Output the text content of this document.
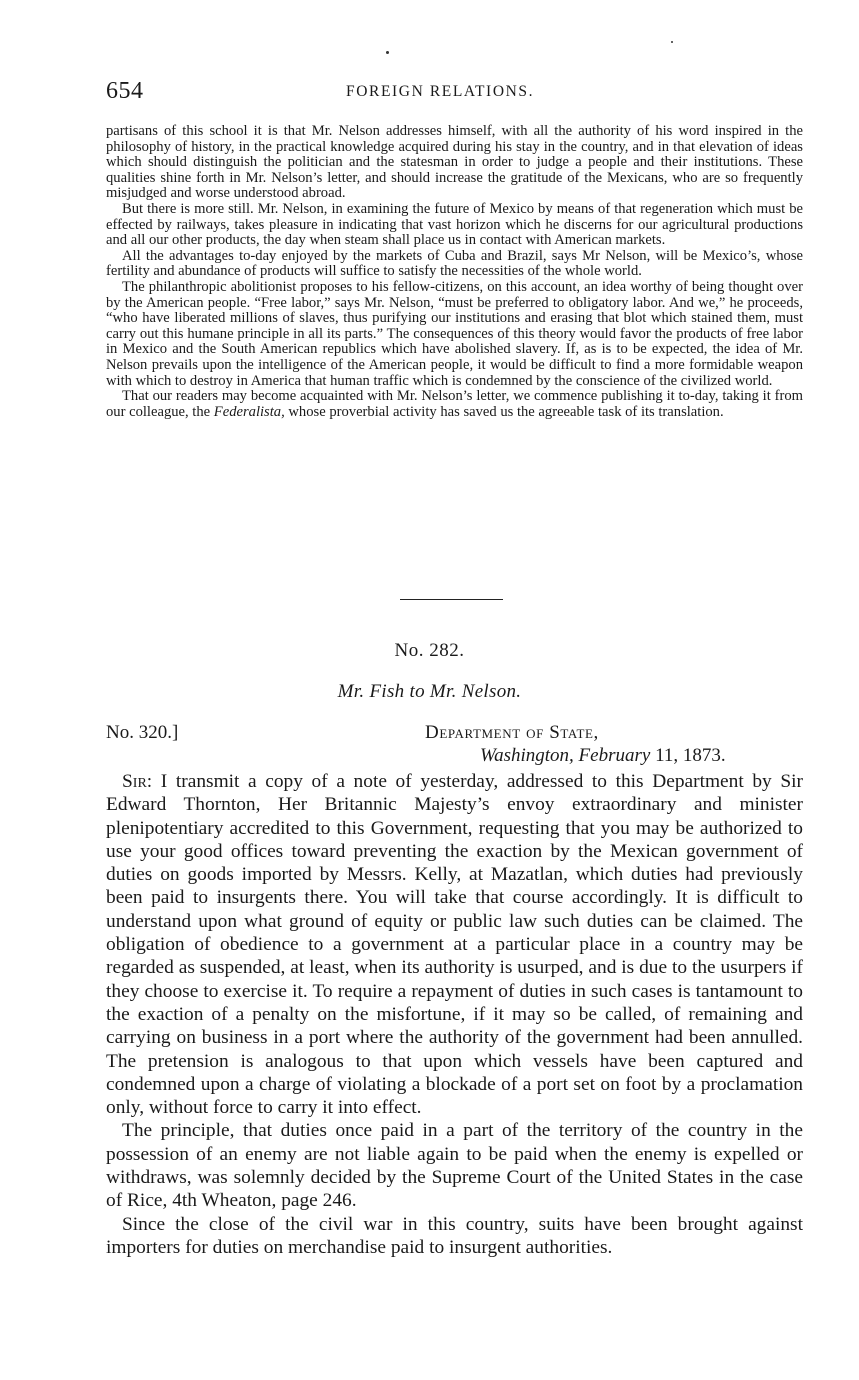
654	FOREIGN RELATIONS.

partisans of this school it is that Mr. Nelson addresses himself, with all the authority of his word inspired in the philosophy of history, in the practical knowledge acquired during his stay in the country, and in that elevation of ideas which should distinguish the politician and the statesman in order to judge a people and their institutions. These qualities shine forth in Mr. Nelson’s letter, and should increase the gratitude of the Mexicans, who are so frequently misjudged and worse understood abroad.

But there is more still. Mr. Nelson, in examining the future of Mexico by means of that regeneration which must be effected by railways, takes pleasure in indicating that vast horizon which he discerns for our agricultural productions and all our other products, the day when steam shall place us in contact with American markets.

All the advantages to-day enjoyed by the markets of Cuba and Brazil, says Mr Nelson, will be Mexico’s, whose fertility and abundance of products will suffice to satisfy the necessities of the whole world.

The philanthropic abolitionist proposes to his fellow-citizens, on this account, an idea worthy of being thought over by the American people. “Free labor,” says Mr. Nelson, “must be preferred to obligatory labor. And we,” he proceeds, “who have liberated millions of slaves, thus purifying our institutions and erasing that blot which stained them, must carry out this humane principle in all its parts.” The consequences of this theory would favor the products of free labor in Mexico and the South American republics which have abolished slavery. If, as is to be expected, the idea of Mr. Nelson prevails upon the intelligence of the American people, it would be difficult to find a more formidable weapon with which to destroy in America that human traffic which is condemned by the conscience of the civilized world.

That our readers may become acquainted with Mr. Nelson’s letter, we commence publishing it to-day, taking it from our colleague, the Federalista, whose proverbial activity has saved us the agreeable task of its translation.

No. 282.
Mr. Fish to Mr. Nelson.
No. 320.]	Department of State,
Washington, February 11, 1873.

Sir: I transmit a copy of a note of yesterday, addressed to this Department by Sir Edward Thornton, Her Britannic Majesty’s envoy extraordinary and minister plenipotentiary accredited to this Government, requesting that you may be authorized to use your good offices toward preventing the exaction by the Mexican government of duties on goods imported by Messrs. Kelly, at Mazatlan, which duties had previously been paid to insurgents there. You will take that course accordingly. It is difficult to understand upon what ground of equity or public law such duties can be claimed. The obligation of obedience to a government at a particular place in a country may be regarded as suspended, at least, when its authority is usurped, and is due to the usurpers if they choose to exercise it. To require a repayment of duties in such cases is tantamount to the exaction of a penalty on the misfortune, if it may so be called, of remaining and carrying on business in a port where the authority of the government had been annulled. The pretension is analogous to that upon which vessels have been captured and condemned upon a charge of violating a blockade of a port set on foot by a proclamation only, without force to carry it into effect.

The principle, that duties once paid in a part of the territory of the country in the possession of an enemy are not liable again to be paid when the enemy is expelled or withdraws, was solemnly decided by the Supreme Court of the United States in the case of Rice, 4th Wheaton, page 246.

Since the close of the civil war in this country, suits have been brought against importers for duties on merchandise paid to insurgent authorities.
